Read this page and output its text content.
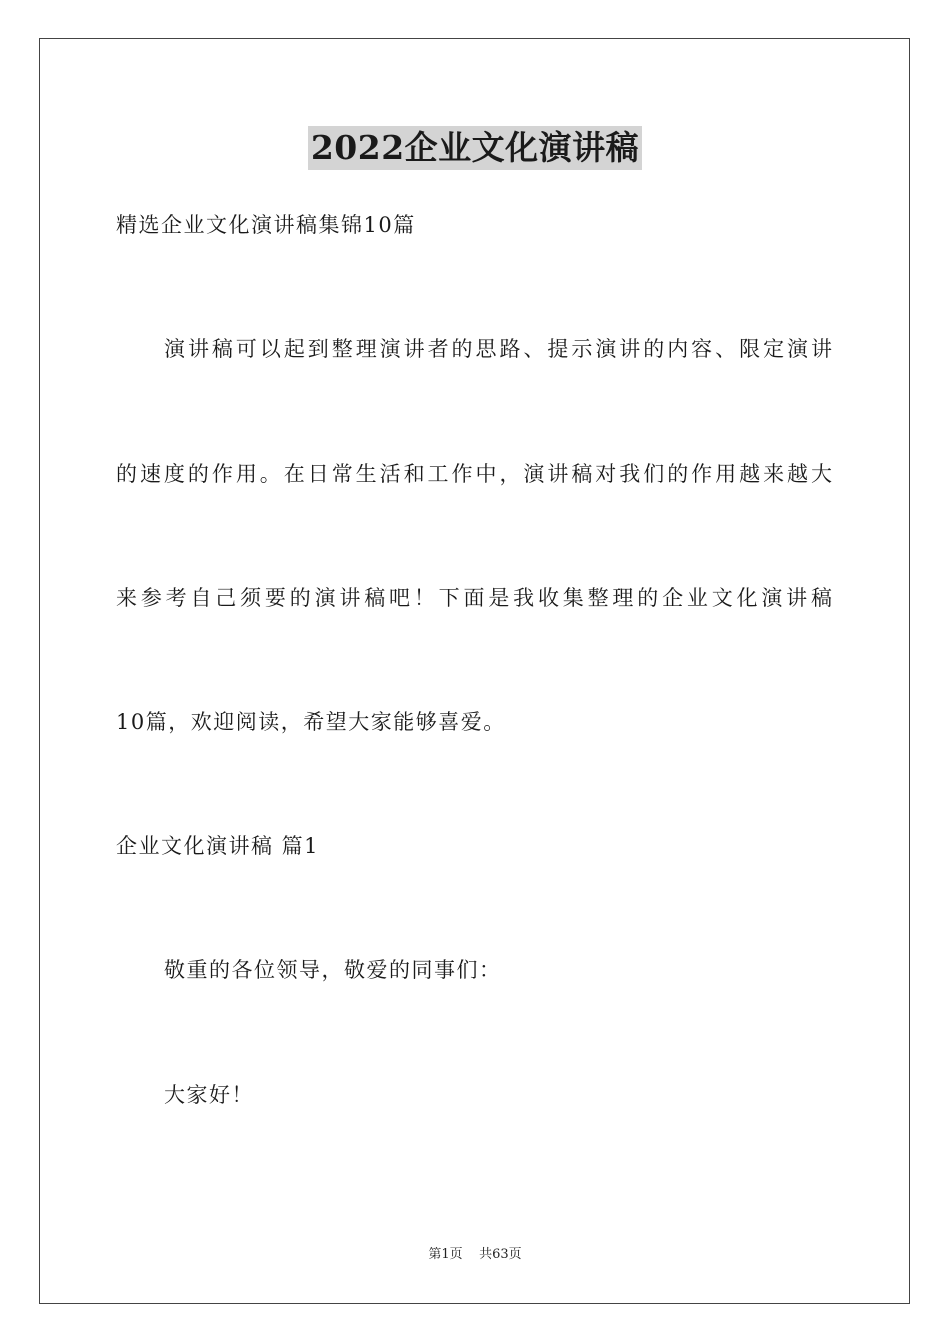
2022企业文化演讲稿
精选企业文化演讲稿集锦10篇
演讲稿可以起到整理演讲者的思路、提示演讲的内容、限定演讲
的速度的作用。在日常生活和工作中，演讲稿对我们的作用越来越大
来参考自己须要的演讲稿吧！下面是我收集整理的企业文化演讲稿
10篇，欢迎阅读，希望大家能够喜爱。
企业文化演讲稿 篇1
敬重的各位领导，敬爱的同事们：
大家好！
第1页 共63页
